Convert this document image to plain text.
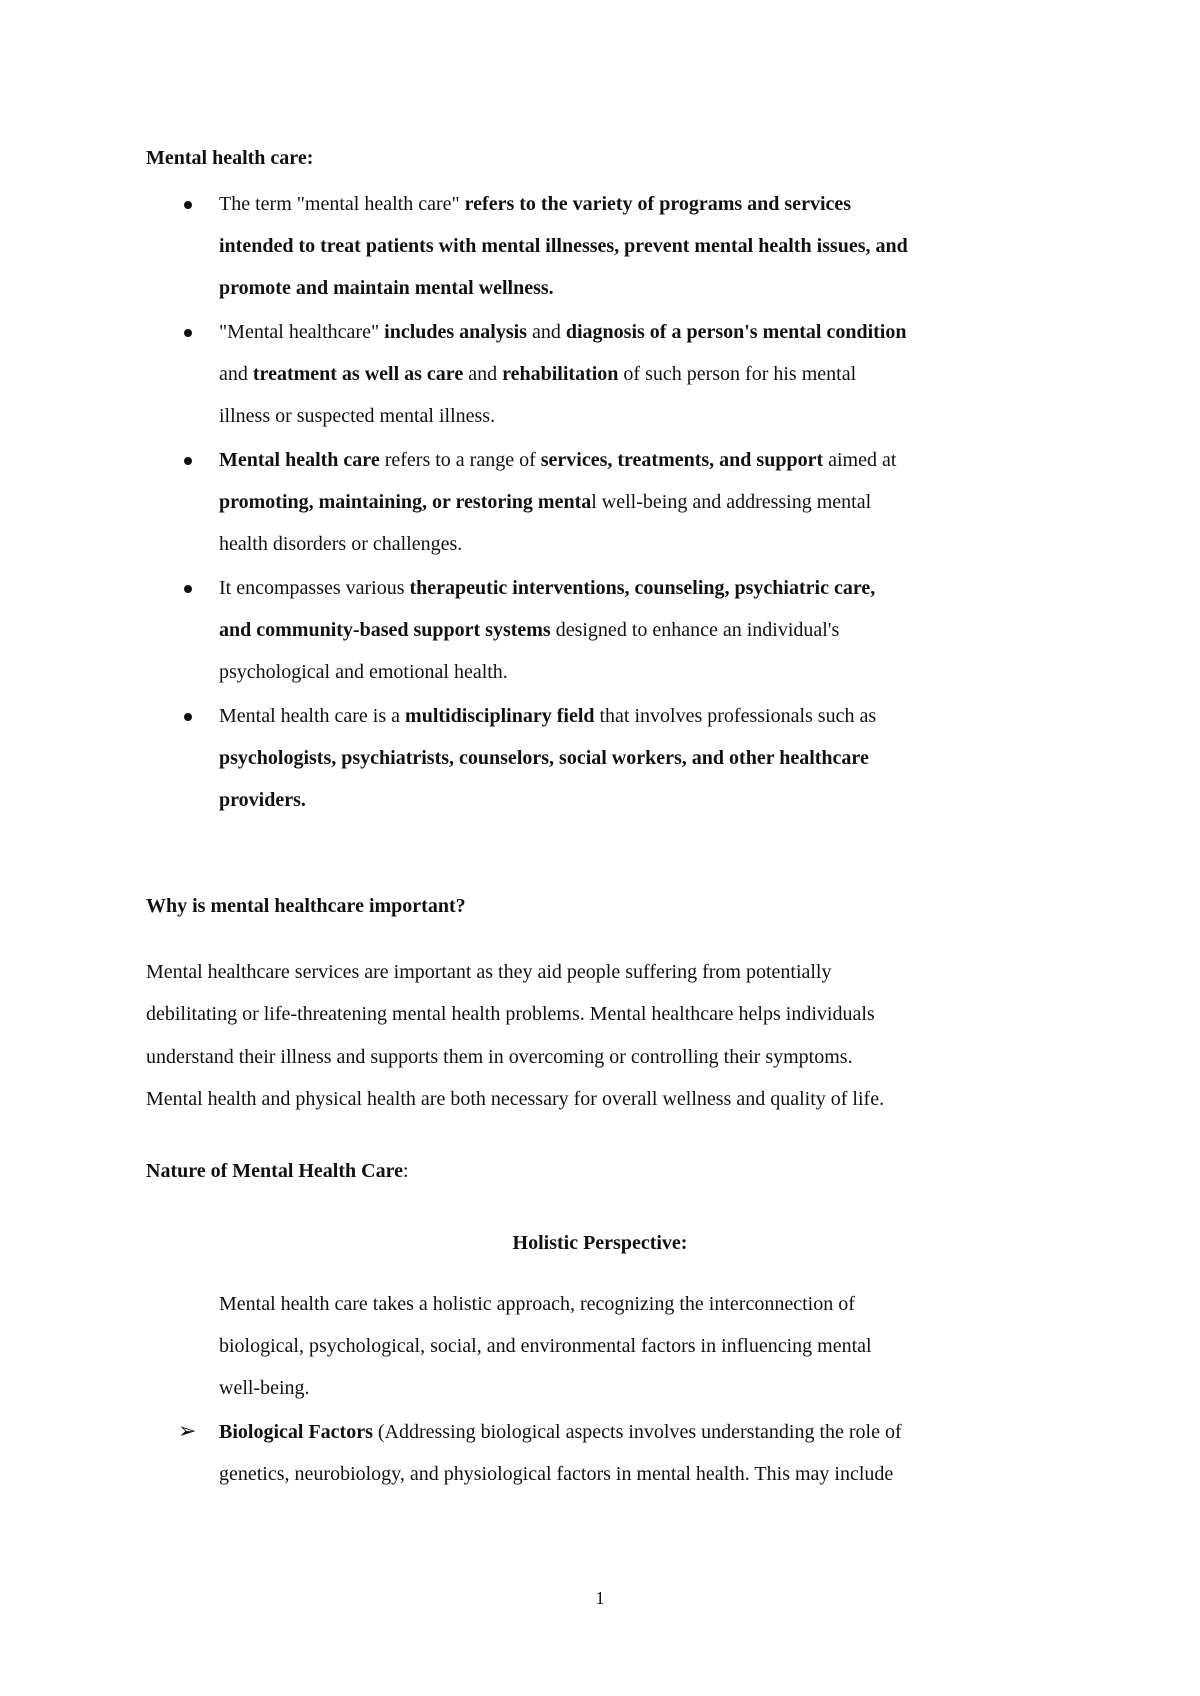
Mental health care:
The term "mental health care" refers to the variety of programs and services
intended to treat patients with mental illnesses, prevent mental health issues, and
promote and maintain mental wellness.
"Mental healthcare" includes analysis and diagnosis of a person's mental condition
and treatment as well as care and rehabilitation of such person for his mental
illness or suspected mental illness.
Mental health care refers to a range of services, treatments, and support aimed at
promoting, maintaining, or restoring mental well-being and addressing mental
health disorders or challenges.
It encompasses various therapeutic interventions, counseling, psychiatric care,
and community-based support systems designed to enhance an individual's
psychological and emotional health.
Mental health care is a multidisciplinary field that involves professionals such as
psychologists, psychiatrists, counselors, social workers, and other healthcare
providers.
Why is mental healthcare important?
Mental healthcare services are important as they aid people suffering from potentially
debilitating or life-threatening mental health problems. Mental healthcare helps individuals
understand their illness and supports them in overcoming or controlling their symptoms.
Mental health and physical health are both necessary for overall wellness and quality of life.
Nature of Mental Health Care:
Holistic Perspective:
Mental health care takes a holistic approach, recognizing the interconnection of
biological, psychological, social, and environmental factors in influencing mental
well-being.
➢ Biological Factors (Addressing biological aspects involves understanding the role of
genetics, neurobiology, and physiological factors in mental health. This may include
1
